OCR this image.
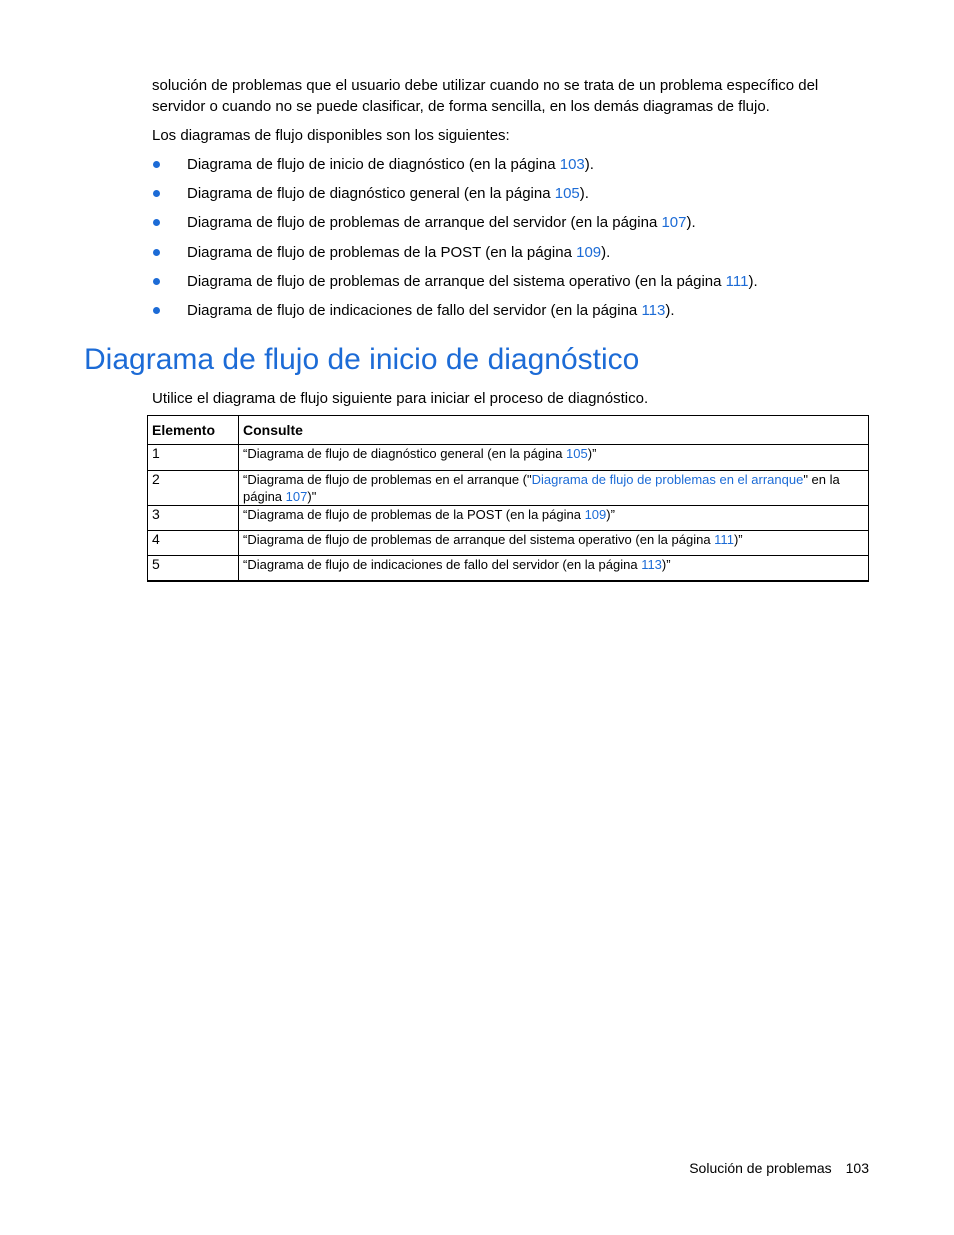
solución de problemas que el usuario debe utilizar cuando no se trata de un problema específico del servidor o cuando no se puede clasificar, de forma sencilla, en los demás diagramas de flujo.

Los diagramas de flujo disponibles son los siguientes:

Diagrama de flujo de inicio de diagnóstico (en la página 103).
Diagrama de flujo de diagnóstico general (en la página 105).
Diagrama de flujo de problemas de arranque del servidor (en la página 107).
Diagrama de flujo de problemas de la POST (en la página 109).
Diagrama de flujo de problemas de arranque del sistema operativo (en la página 111).
Diagrama de flujo de indicaciones de fallo del servidor (en la página 113).
Diagrama de flujo de inicio de diagnóstico

Utilice el diagrama de flujo siguiente para iniciar el proceso de diagnóstico.

Elemento	Consulte
1	“Diagrama de flujo de diagnóstico general (en la página 105)”
2	“Diagrama de flujo de problemas en el arranque ("Diagrama de flujo de problemas en el arranque" en la página 107)"
3	“Diagrama de flujo de problemas de la POST (en la página 109)”
4	“Diagrama de flujo de problemas de arranque del sistema operativo (en la página 111)”
5	“Diagrama de flujo de indicaciones de fallo del servidor (en la página 113)”
Solución de problemas 103
